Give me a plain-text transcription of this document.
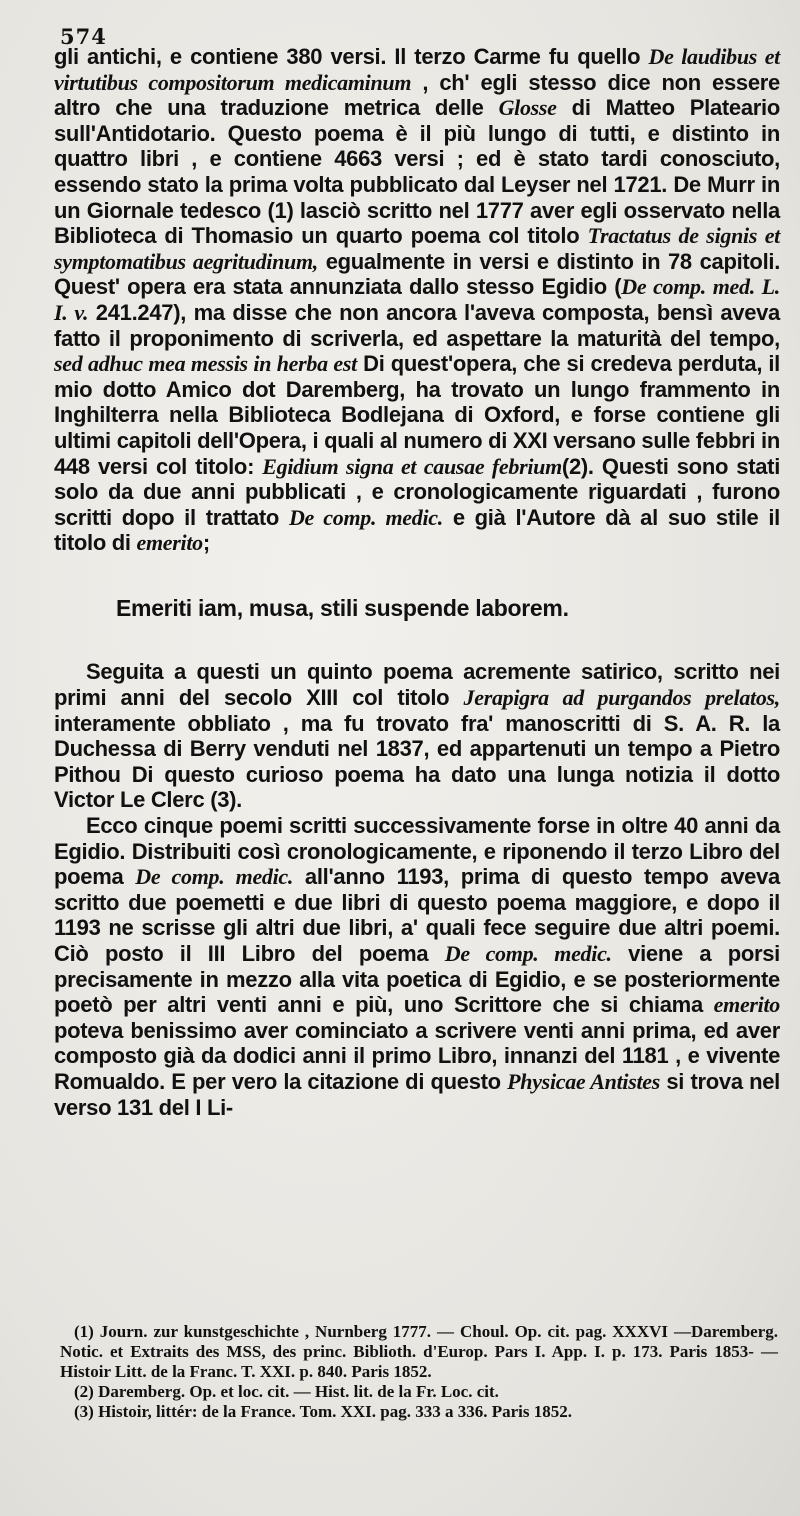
574

gli antichi, e contiene 380 versi. Il terzo Carme fu quello De laudibus et virtutibus compositorum medicaminum , ch' egli stesso dice non essere altro che una traduzione metrica delle Glosse di Matteo Plateario sull'Antidotario. Questo poema è il più lungo di tutti, e distinto in quattro libri , e contiene 4663 versi ; ed è stato tardi conosciuto, essendo stato la prima volta pubblicato dal Leyser nel 1721. De Murr in un Giornale tedesco (1) lasciò scritto nel 1777 aver egli osservato nella Biblioteca di Thomasio un quarto poema col titolo Tractatus de signis et symptomatibus aegritudinum, egualmente in versi e distinto in 78 capitoli. Quest' opera era stata annunziata dallo stesso Egidio (De comp. med. L. I. v. 241.247), ma disse che non ancora l'aveva composta, bensì aveva fatto il proponimento di scriverla, ed aspettare la maturità del tempo, sed adhuc mea messis in herba est Di quest'opera, che si credeva perduta, il mio dotto Amico dot Daremberg, ha trovato un lungo frammento in Inghilterra nella Biblioteca Bodlejana di Oxford, e forse contiene gli ultimi capitoli dell'Opera, i quali al numero di XXI versano sulle febbri in 448 versi col titolo: Egidium signa et causae febrium(2). Questi sono stati solo da due anni pubblicati , e cronologicamente riguardati , furono scritti dopo il trattato De comp. medic. e già l'Autore dà al suo stile il titolo di emerito;

Emeriti iam, musa, stili suspende laborem.

Seguita a questi un quinto poema acremente satirico, scritto nei primi anni del secolo XIII col titolo Jerapigra ad purgandos prelatos, interamente obbliato , ma fu trovato fra' manoscritti di S. A. R. la Duchessa di Berry venduti nel 1837, ed appartenuti un tempo a Pietro Pithou Di questo curioso poema ha dato una lunga notizia il dotto Victor Le Clerc (3).

Ecco cinque poemi scritti successivamente forse in oltre 40 anni da Egidio. Distribuiti così cronologicamente, e riponendo il terzo Libro del poema De comp. medic. all'anno 1193, prima di questo tempo aveva scritto due poemetti e due libri di questo poema maggiore, e dopo il 1193 ne scrisse gli altri due libri, a' quali fece seguire due altri poemi. Ciò posto il III Libro del poema De comp. medic. viene a porsi precisamente in mezzo alla vita poetica di Egidio, e se posteriormente poetò per altri venti anni e più, uno Scrittore che si chiama emerito poteva benissimo aver cominciato a scrivere venti anni prima, ed aver composto già da dodici anni il primo Libro, innanzi del 1181 , e vivente Romualdo. E per vero la citazione di questo Physicae Antistes si trova nel verso 131 del I Li-

(1) Journ. zur kunstgeschichte , Nurnberg 1777. — Choul. Op. cit. pag. XXXVI —Daremberg. Notic. et Extraits des MSS, des princ. Biblioth. d'Europ. Pars I. App. I. p. 173. Paris 1853- — Histoir Litt. de la Franc. T. XXI. p. 840. Paris 1852.

(2) Daremberg. Op. et loc. cit. — Hist. lit. de la Fr. Loc. cit.

(3) Histoir, littér: de la France. Tom. XXI. pag. 333 a 336. Paris 1852.
